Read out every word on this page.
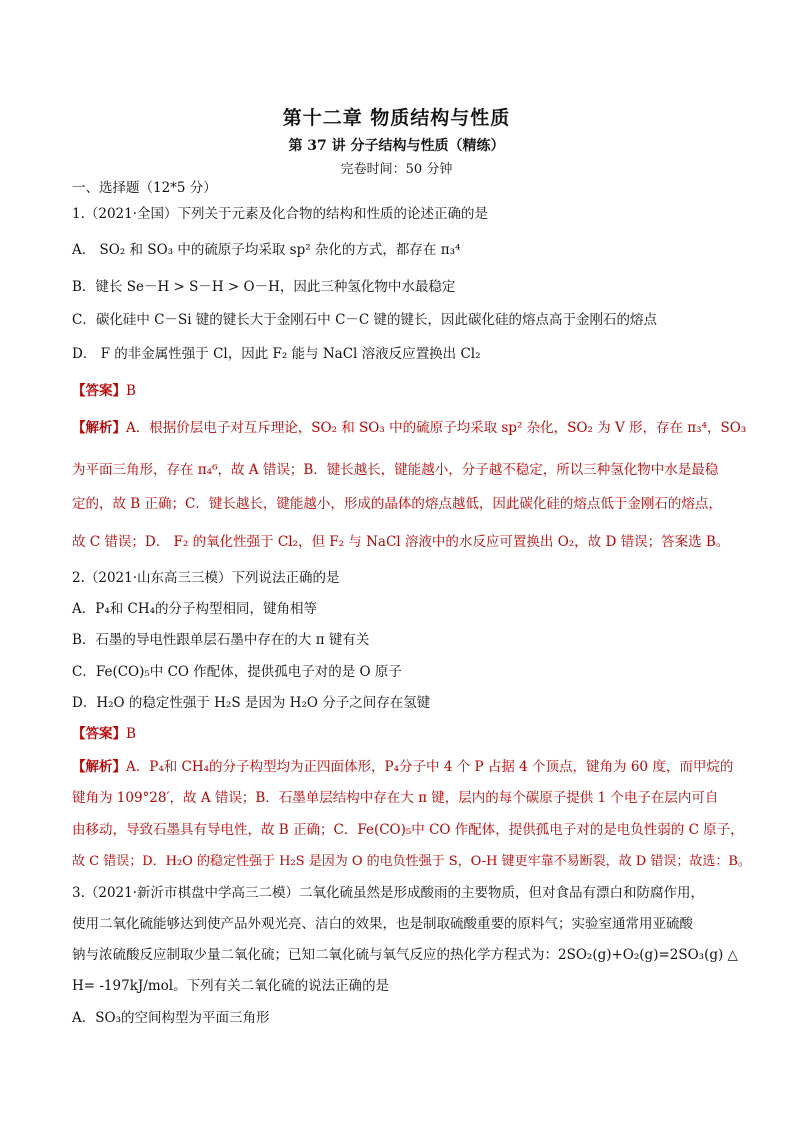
第十二章 物质结构与性质
第 37 讲 分子结构与性质（精练）
完卷时间：50 分钟
一、选择题（12*5 分）
1.（2021·全国）下列关于元素及化合物的结构和性质的论述正确的是
A． SO₂ 和 SO₃ 中的硫原子均采取 sp² 杂化的方式，都存在 π₃⁴
B．键长 Se－H > S－H > O－H，因此三种氢化物中水最稳定
C．碳化硅中 C－Si 键的键长大于金刚石中 C－C 键的键长，因此碳化硅的熔点高于金刚石的熔点
D． F 的非金属性强于 Cl，因此 F₂ 能与 NaCl 溶液反应置换出 Cl₂
【答案】B
【解析】A．根据价层电子对互斥理论，SO₂ 和 SO₃ 中的硫原子均采取 sp² 杂化，SO₂ 为 V 形，存在 π₃⁴，SO₃
为平面三角形，存在 π₄⁶，故 A 错误；B．键长越长，键能越小，分子越不稳定，所以三种氢化物中水是最稳
定的，故 B 正确；C．键长越长，键能越小，形成的晶体的熔点越低，因此碳化硅的熔点低于金刚石的熔点，
故 C 错误；D． F₂ 的氧化性强于 Cl₂，但 F₂ 与 NaCl 溶液中的水反应可置换出 O₂，故 D 错误；答案选 B。
2.（2021·山东高三三模）下列说法正确的是
A．P₄和 CH₄的分子构型相同，键角相等
B．石墨的导电性跟单层石墨中存在的大 π 键有关
C．Fe(CO)₅中 CO 作配体，提供孤电子对的是 O 原子
D．H₂O 的稳定性强于 H₂S 是因为 H₂O 分子之间存在氢键
【答案】B
【解析】A．P₄和 CH₄的分子构型均为正四面体形，P₄分子中 4 个 P 占据 4 个顶点，键角为 60 度，而甲烷的
键角为 109°28′，故 A 错误；B．石墨单层结构中存在大 π 键，层内的每个碳原子提供 1 个电子在层内可自
由移动，导致石墨具有导电性，故 B 正确；C．Fe(CO)₅中 CO 作配体，提供孤电子对的是电负性弱的 C 原子，
故 C 错误；D．H₂O 的稳定性强于 H₂S 是因为 O 的电负性强于 S，O-H 键更牢靠不易断裂，故 D 错误；故选：B。
3.（2021·新沂市棋盘中学高三二模）二氧化硫虽然是形成酸雨的主要物质，但对食品有漂白和防腐作用，
使用二氧化硫能够达到使产品外观光亮、洁白的效果，也是制取硫酸重要的原料气；实验室通常用亚硫酸
钠与浓硫酸反应制取少量二氧化硫；已知二氧化硫与氧气反应的热化学方程式为：2SO₂(g)+O₂(g)=2SO₃(g) △
H= -197kJ/mol。下列有关二氧化硫的说法正确的是
A．SO₃的空间构型为平面三角形
